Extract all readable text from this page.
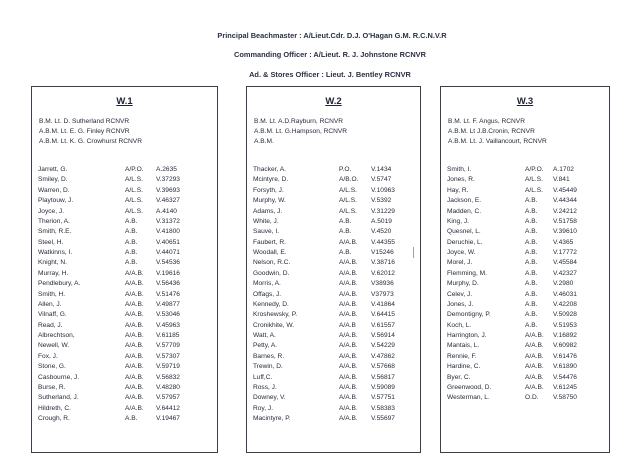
Principal Beachmaster : A/Lieut.Cdr. D.J. O'Hagan G.M. R.C.N.V.R
Commanding Officer : A/Lieut. R. J. Johnstone RCNVR
Ad. & Stores Officer : Lieut. J. Bentley RCNVR
W.1
B.M. Lt. D. Sutherland RCNVR
A.B.M. Lt. E. G. Finley RCNVR
A.B.M. Lt. K. G. Crowhurst RCNVR
Jarrett, G.	A/P.O. A.2635
Smiley, D.	A/L.S. V.37293
Warren, D.	A/L.S. V.39693
Playtouw, J.	A/L.S. V.46327
Joyce, J.	A/L.S. A.4140
Therion, A.	A.B.	V.31372
Smith, R.E.	A.B.	V.41800
Steel, H.	A.B.	V.40651
Watkinns, I.	A.B.	V.44071
Knight, N.	A.B.	V.54536
Murray, H.	A/A.B. V.19616
Pendlebury, A.	A/A.B. V.56436
Smith, H.	A/A.B. V.51476
Allen, J.	A/A.B. V.49877
Vilnaff, G.	A/A.B. V.53046
Read, J.	A/A.B. V.45963
Albrechtson,	A/A.B. V.61185
Newell, W.	A/A.B. V.57709
Fox, J.	A/A.B. V.57307
Stone, G.	A/A.B. V.59719
Casbourne, J.	A/A.B. V.56832
Burse, R.	A/A.B. V.48280
Sutherland, J.	A/A.B. V.57957
Hildreth, C.	A/A.B. V.64412
Crough, R.	A.B.	V.19467
W.2
B.M. Lt. A.D.Rayburn, RCNVR
A.B.M. Lt. G.Hampson, RCNVR
A.B.M.
Thacker, A.	P.O.	V.1434
Mcintyre, D.	A/B.O. V.5747
Forsyth, J.	A/L.S. V.10963
Murphy, W.	A/L.S. V.5392
Adams, J.	A/L.S. V.31229
White, J.	A.B.	A.5019
Sauve, I.	A.B.	V.4520
Faubert, R.	A/A.B. V.44355
Woodall, E.	A.B.	V15246
Nelson, R.C.	A/A.B. V.38716
Goodwin, D.	A/A.B. V.62012
Morris, A.	A/A.B. V38936
Offags, J.	A/A.B. V37973
Kennedy, D.	A/A.B. V.41864
Kroshewsky, P.	A/A.B. V.64415
Cronikhite, W.	A/A.B V.61557
Watt, A.	A/A.B. V.56914
Petty, A.	A/A.B. V.54229
Barnes, R.	A/A.B. V.47862
Trewin, D.	A/A.B. V.57668
Luff,C.	A/A.B. V.56817
Ross, J.	A/A.B. V.59089
Downey, V.	A/A.B. V.57751
Roy, J.	A/A.B. V.58383
Macintyre, P.	A/A.B. V.55697
W.3
B.M. Lt. F. Angus, RCNVR
A.B.M. Lt J.B.Cronin, RCNVR
A.B.M. Lt. J. Vaillancourt, RCNVR
Smith, I.	A/P.O. A.1702
Jones, R.	A/L.S. V.841
Hay, R.	A/L.S. V.45449
Jackson, E.	A.B. V.44344
Madden, C.	A.B. V.24212
King, J.	A.B. V.51758
Quesnel, L.	A.B. V.39610
Deruchie, L.	A.B. V.4365
Joyce, W.	A.B. V.17772
Morel, J.	A.B. V.45584
Flemming, M.	A.B. V.42327
Murphy, D.	A.B. V.2980
Celev, J.	A.B. V.46031
Jones, J.	A.B. V.42208
Demontigny, P.	A.B. V.50928
Koch, L.	A.B. V.51953
Harrington, J.	A/A.B. V.16892
Mantais, L.	A/A.B. V.60982
Rennie, F.	A/A.B. V.61476
Hardine, C.	A/A.B. V.61890
Byer, C.	A/A.B. V.54476
Greenwood, D.	A/A.B. V.61245
Westerman, L.	O.D. V.58750
